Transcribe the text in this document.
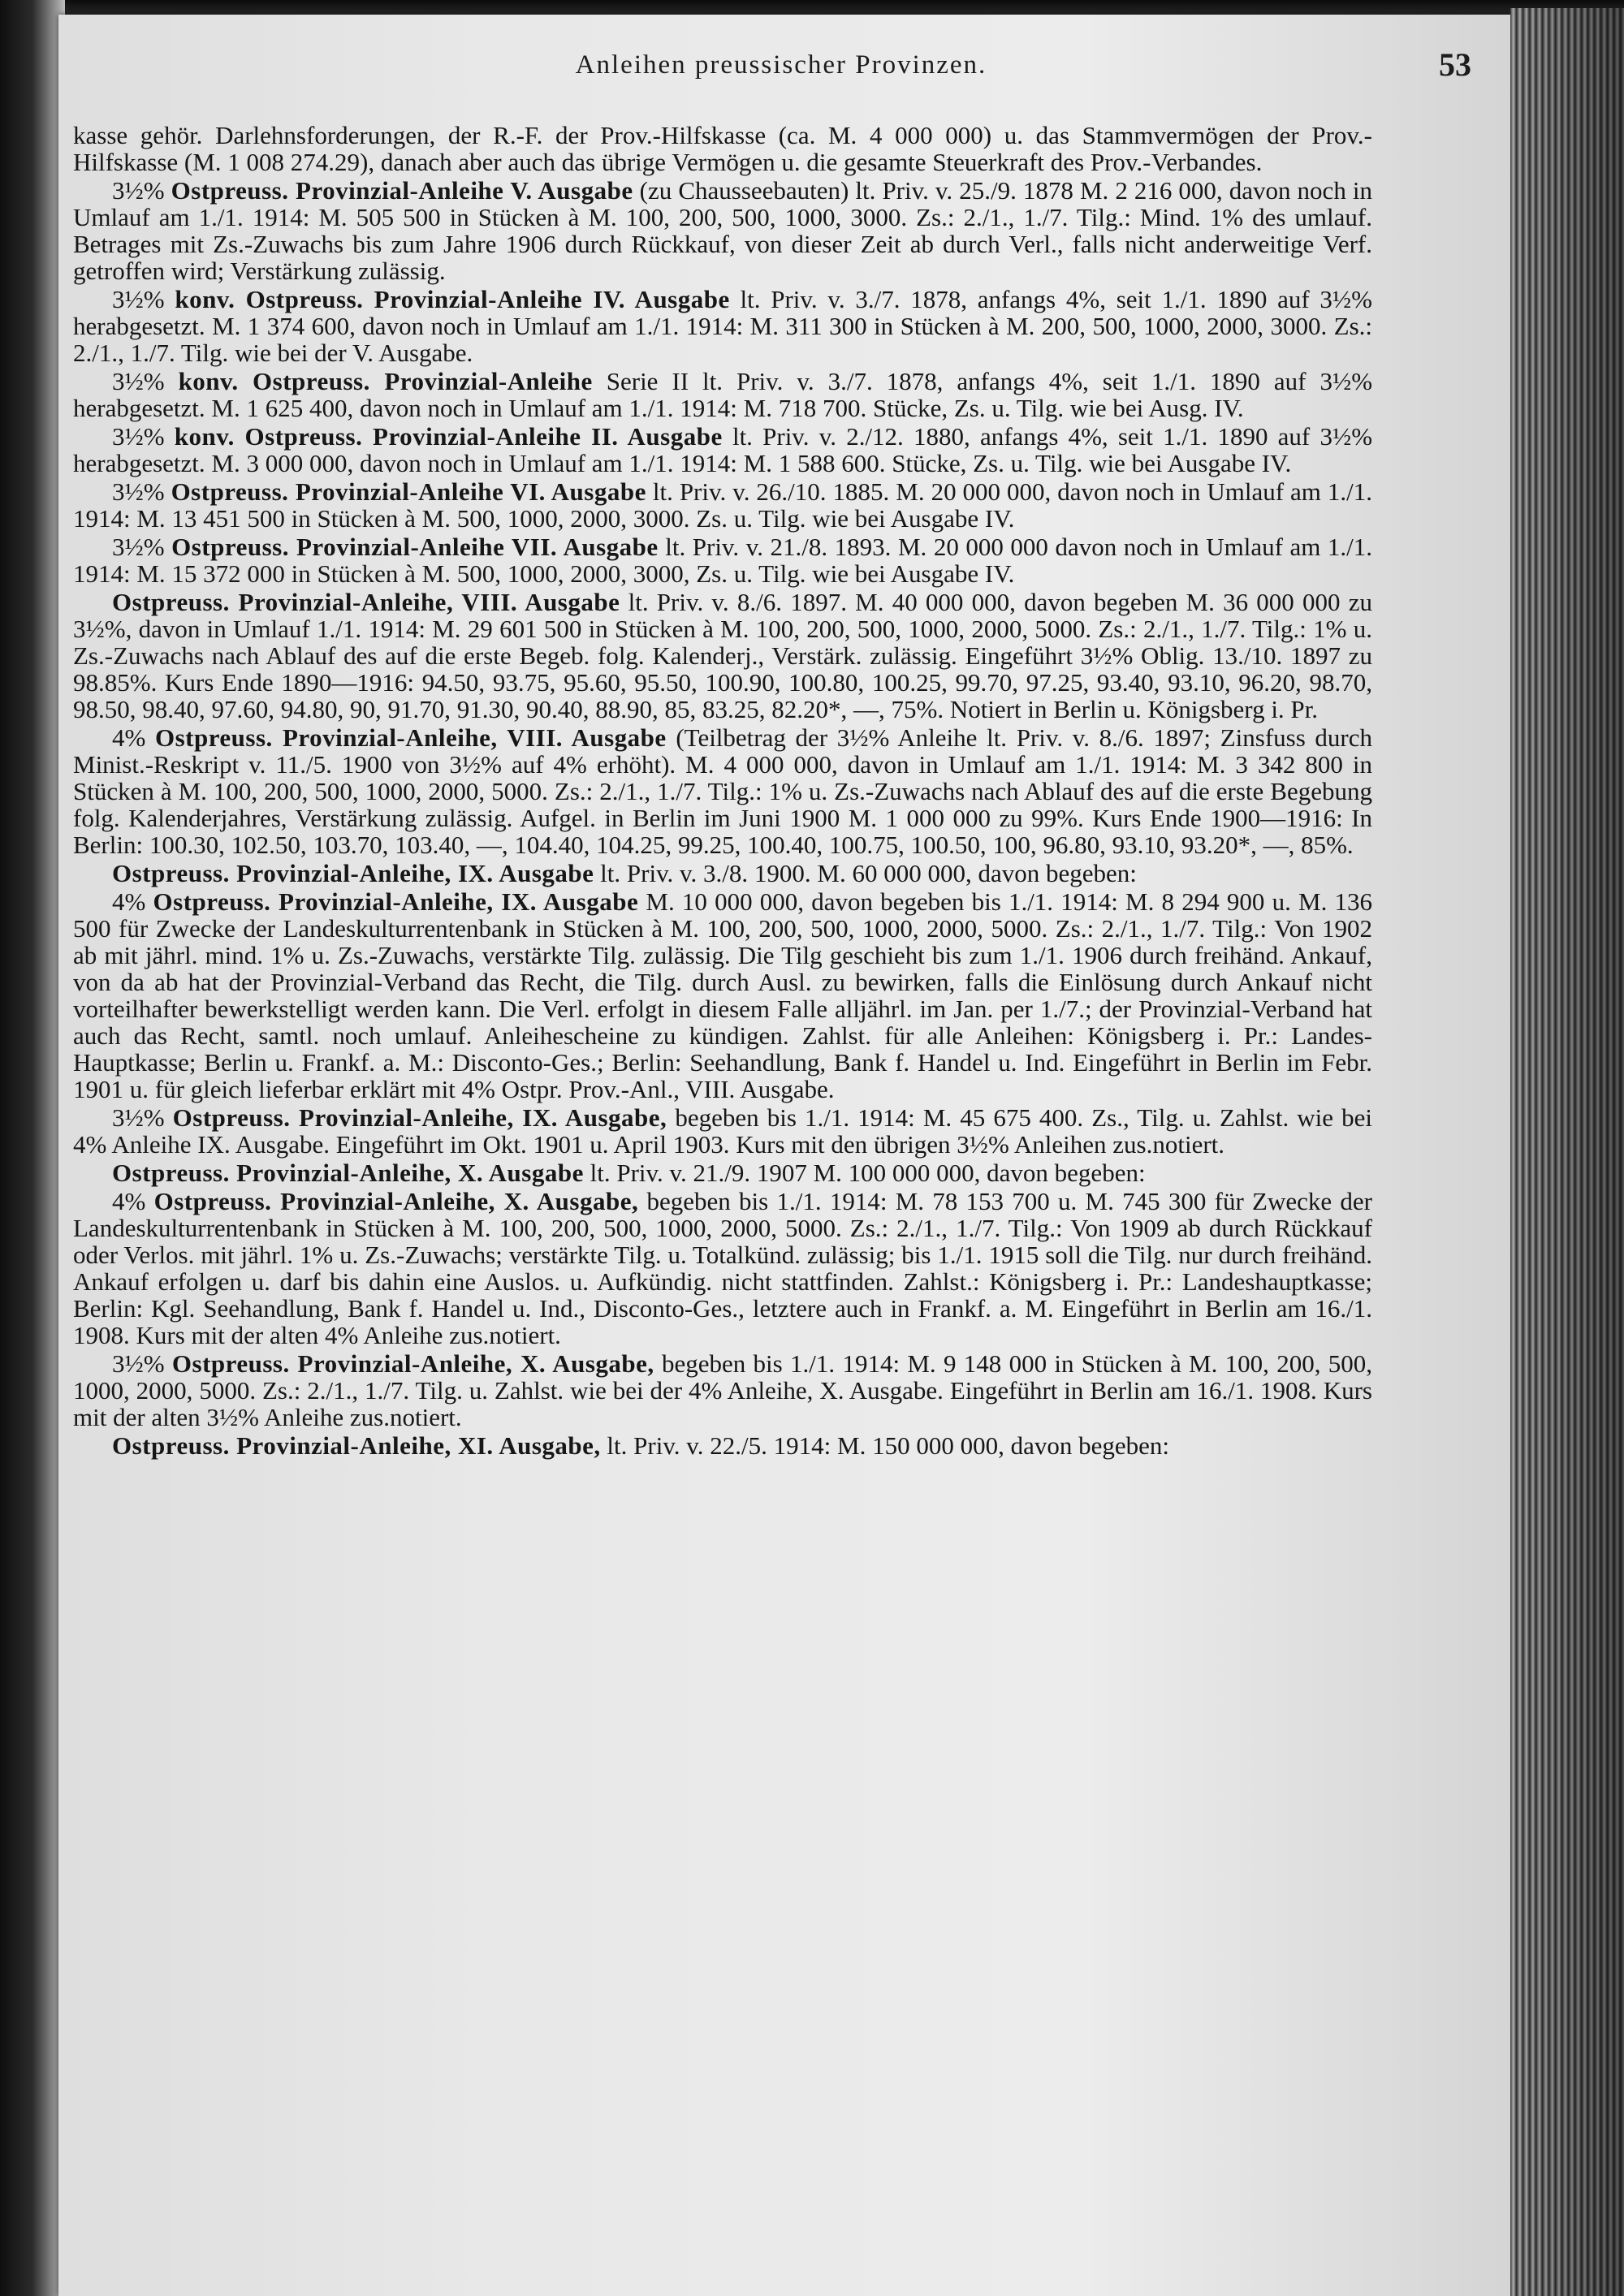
Anleihen preussischer Provinzen.	53

kasse gehör. Darlehnsforderungen, der R.-F. der Prov.-Hilfskasse (ca. M. 4 000 000) u. das Stammvermögen der Prov.-Hilfskasse (M. 1 008 274.29), danach aber auch das übrige Vermögen u. die gesamte Steuerkraft des Prov.-Verbandes.

3½% Ostpreuss. Provinzial-Anleihe V. Ausgabe (zu Chausseebauten) lt. Priv. v. 25./9. 1878 M. 2 216 000, davon noch in Umlauf am 1./1. 1914: M. 505 500 in Stücken à M. 100, 200, 500, 1000, 3000. Zs.: 2./1., 1./7. Tilg.: Mind. 1% des umlauf. Betrages mit Zs.-Zuwachs bis zum Jahre 1906 durch Rückkauf, von dieser Zeit ab durch Verl., falls nicht anderweitige Verf. getroffen wird; Verstärkung zulässig.

3½% konv. Ostpreuss. Provinzial-Anleihe IV. Ausgabe lt. Priv. v. 3./7. 1878, anfangs 4%, seit 1./1. 1890 auf 3½% herabgesetzt. M. 1 374 600, davon noch in Umlauf am 1./1. 1914: M. 311 300 in Stücken à M. 200, 500, 1000, 2000, 3000. Zs.: 2./1., 1./7. Tilg. wie bei der V. Ausgabe.

3½% konv. Ostpreuss. Provinzial-Anleihe Serie II lt. Priv. v. 3./7. 1878, anfangs 4%, seit 1./1. 1890 auf 3½% herabgesetzt. M. 1 625 400, davon noch in Umlauf am 1./1. 1914: M. 718 700. Stücke, Zs. u. Tilg. wie bei Ausg. IV.

3½% konv. Ostpreuss. Provinzial-Anleihe II. Ausgabe lt. Priv. v. 2./12. 1880, anfangs 4%, seit 1./1. 1890 auf 3½% herabgesetzt. M. 3 000 000, davon noch in Umlauf am 1./1. 1914: M. 1 588 600. Stücke, Zs. u. Tilg. wie bei Ausgabe IV.

3½% Ostpreuss. Provinzial-Anleihe VI. Ausgabe lt. Priv. v. 26./10. 1885. M. 20 000 000, davon noch in Umlauf am 1./1. 1914: M. 13 451 500 in Stücken à M. 500, 1000, 2000, 3000. Zs. u. Tilg. wie bei Ausgabe IV.

3½% Ostpreuss. Provinzial-Anleihe VII. Ausgabe lt. Priv. v. 21./8. 1893. M. 20 000 000 davon noch in Umlauf am 1./1. 1914: M. 15 372 000 in Stücken à M. 500, 1000, 2000, 3000, Zs. u. Tilg. wie bei Ausgabe IV.

Ostpreuss. Provinzial-Anleihe, VIII. Ausgabe lt. Priv. v. 8./6. 1897. M. 40 000 000, davon begeben M. 36 000 000 zu 3½%, davon in Umlauf 1./1. 1914: M. 29 601 500 in Stücken à M. 100, 200, 500, 1000, 2000, 5000. Zs.: 2./1., 1./7. Tilg.: 1% u. Zs.-Zuwachs nach Ablauf des auf die erste Begeb. folg. Kalenderj., Verstärk. zulässig. Eingeführt 3½% Oblig. 13./10. 1897 zu 98.85%. Kurs Ende 1890—1916: 94.50, 93.75, 95.60, 95.50, 100.90, 100.80, 100.25, 99.70, 97.25, 93.40, 93.10, 96.20, 98.70, 98.50, 98.40, 97.60, 94.80, 90, 91.70, 91.30, 90.40, 88.90, 85, 83.25, 82.20*, —, 75%. Notiert in Berlin u. Königsberg i. Pr.

4% Ostpreuss. Provinzial-Anleihe, VIII. Ausgabe (Teilbetrag der 3½% Anleihe lt. Priv. v. 8./6. 1897; Zinsfuss durch Minist.-Reskript v. 11./5. 1900 von 3½% auf 4% erhöht). M. 4 000 000, davon in Umlauf am 1./1. 1914: M. 3 342 800 in Stücken à M. 100, 200, 500, 1000, 2000, 5000. Zs.: 2./1., 1./7. Tilg.: 1% u. Zs.-Zuwachs nach Ablauf des auf die erste Begebung folg. Kalenderjahres, Verstärkung zulässig. Aufgel. in Berlin im Juni 1900 M. 1 000 000 zu 99%. Kurs Ende 1900—1916: In Berlin: 100.30, 102.50, 103.70, 103.40, —, 104.40, 104.25, 99.25, 100.40, 100.75, 100.50, 100, 96.80, 93.10, 93.20*, —, 85%.

Ostpreuss. Provinzial-Anleihe, IX. Ausgabe lt. Priv. v. 3./8. 1900. M. 60 000 000, davon begeben:

4% Ostpreuss. Provinzial-Anleihe, IX. Ausgabe M. 10 000 000, davon begeben bis 1./1. 1914: M. 8 294 900 u. M. 136 500 für Zwecke der Landeskulturrentenbank in Stücken à M. 100, 200, 500, 1000, 2000, 5000. Zs.: 2./1., 1./7. Tilg.: Von 1902 ab mit jährl. mind. 1% u. Zs.-Zuwachs, verstärkte Tilg. zulässig. Die Tilg geschieht bis zum 1./1. 1906 durch freihänd. Ankauf, von da ab hat der Provinzial-Verband das Recht, die Tilg. durch Ausl. zu bewirken, falls die Einlösung durch Ankauf nicht vorteilhafter bewerkstelligt werden kann. Die Verl. erfolgt in diesem Falle alljährl. im Jan. per 1./7.; der Provinzial-Verband hat auch das Recht, samtl. noch umlauf. Anleihescheine zu kündigen. Zahlst. für alle Anleihen: Königsberg i. Pr.: Landes-Hauptkasse; Berlin u. Frankf. a. M.: Disconto-Ges.; Berlin: Seehandlung, Bank f. Handel u. Ind. Eingeführt in Berlin im Febr. 1901 u. für gleich lieferbar erklärt mit 4% Ostpr. Prov.-Anl., VIII. Ausgabe.

3½% Ostpreuss. Provinzial-Anleihe, IX. Ausgabe, begeben bis 1./1. 1914: M. 45 675 400. Zs., Tilg. u. Zahlst. wie bei 4% Anleihe IX. Ausgabe. Eingeführt im Okt. 1901 u. April 1903. Kurs mit den übrigen 3½% Anleihen zus.notiert.

Ostpreuss. Provinzial-Anleihe, X. Ausgabe lt. Priv. v. 21./9. 1907 M. 100 000 000, davon begeben:

4% Ostpreuss. Provinzial-Anleihe, X. Ausgabe, begeben bis 1./1. 1914: M. 78 153 700 u. M. 745 300 für Zwecke der Landeskulturrentenbank in Stücken à M. 100, 200, 500, 1000, 2000, 5000. Zs.: 2./1., 1./7. Tilg.: Von 1909 ab durch Rückkauf oder Verlos. mit jährl. 1% u. Zs.-Zuwachs; verstärkte Tilg. u. Totalkünd. zulässig; bis 1./1. 1915 soll die Tilg. nur durch freihänd. Ankauf erfolgen u. darf bis dahin eine Auslos. u. Aufkündig. nicht stattfinden. Zahlst.: Königsberg i. Pr.: Landeshauptkasse; Berlin: Kgl. Seehandlung, Bank f. Handel u. Ind., Disconto-Ges., letztere auch in Frankf. a. M. Eingeführt in Berlin am 16./1. 1908. Kurs mit der alten 4% Anleihe zus.notiert.

3½% Ostpreuss. Provinzial-Anleihe, X. Ausgabe, begeben bis 1./1. 1914: M. 9 148 000 in Stücken à M. 100, 200, 500, 1000, 2000, 5000. Zs.: 2./1., 1./7. Tilg. u. Zahlst. wie bei der 4% Anleihe, X. Ausgabe. Eingeführt in Berlin am 16./1. 1908. Kurs mit der alten 3½% Anleihe zus.notiert.

Ostpreuss. Provinzial-Anleihe, XI. Ausgabe, lt. Priv. v. 22./5. 1914: M. 150 000 000, davon begeben:
